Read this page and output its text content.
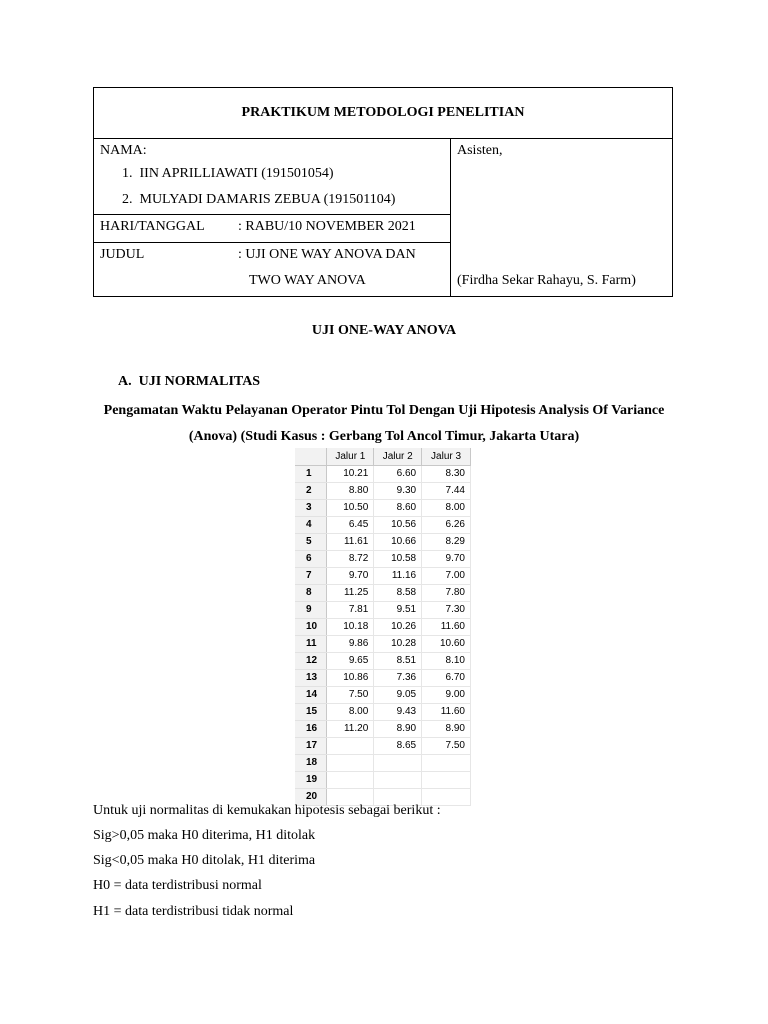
PRAKTIKUM METODOLOGI PENELITIAN
NAMA:
1.  IIN APRILLIAWATI (191501054)
2.  MULYADI DAMARIS ZEBUA (191501104)
HARI/TANGGAL : RABU/10 NOVEMBER 2021
JUDUL	: UJI ONE WAY ANOVA DAN
TWO WAY ANOVA
Asisten,
(Firdha Sekar Rahayu, S. Farm)
UJI ONE-WAY ANOVA
A.  UJI NORMALITAS
Pengamatan Waktu Pelayanan Operator Pintu Tol Dengan Uji Hipotesis Analysis Of Variance (Anova) (Studi Kasus : Gerbang Tol Ancol Timur, Jakarta Utara)
	Jalur 1	Jalur 2	Jalur 3
1	10.21	6.60	8.30
2	8.80	9.30	7.44
3	10.50	8.60	8.00
4	6.45	10.56	6.26
5	11.61	10.66	8.29
6	8.72	10.58	9.70
7	9.70	11.16	7.00
8	11.25	8.58	7.80
9	7.81	9.51	7.30
10	10.18	10.26	11.60
11	9.86	10.28	10.60
12	9.65	8.51	8.10
13	10.86	7.36	6.70
14	7.50	9.05	9.00
15	8.00	9.43	11.60
16	11.20	8.90	8.90
17		8.65	7.50
18			
19			
20			
Untuk uji normalitas di kemukakan hipotesis sebagai berikut :
Sig>0,05 maka H0 diterima, H1 ditolak
Sig<0,05 maka H0 ditolak, H1 diterima
H0 = data terdistribusi normal
H1 = data terdistribusi tidak normal
